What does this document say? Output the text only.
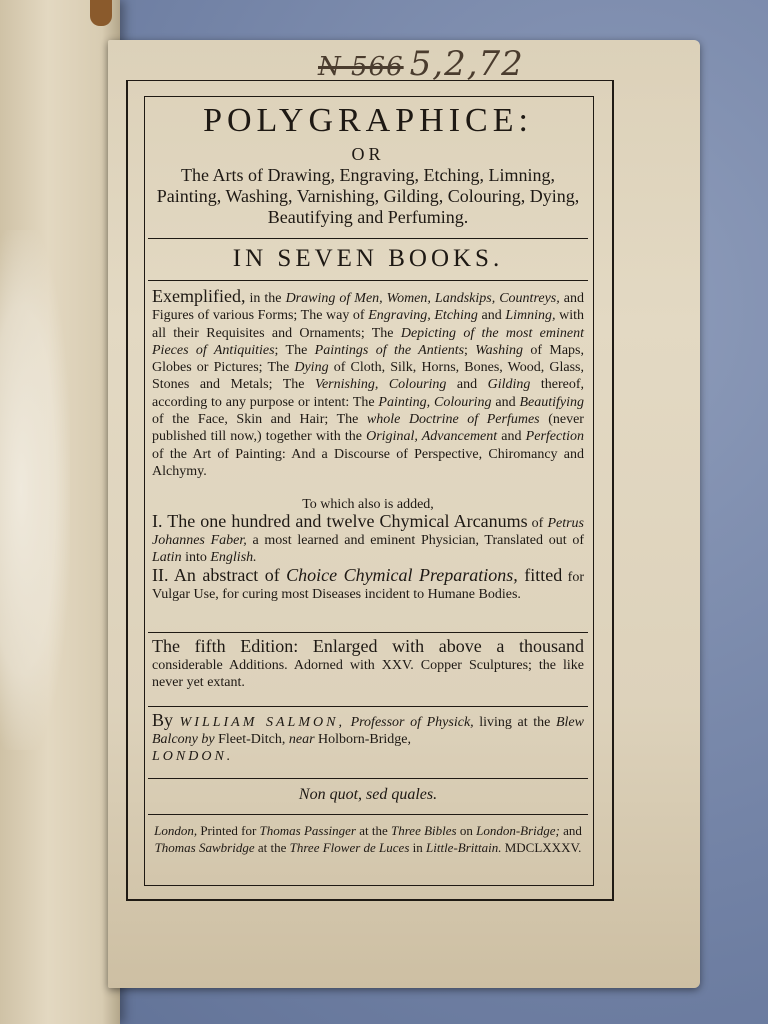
N 566 5,2,72
POLYGRAPHICE:
OR
The Arts of Drawing, Engraving, Etching, Limning, Painting, Washing, Varnishing, Gilding, Colouring, Dying, Beautifying and Perfuming.
IN SEVEN BOOKS.
Exemplified, in the Drawing of Men, Women, Landskips, Countreys, and Figures of various Forms; The way of Engraving, Etching and Limning, with all their Requisites and Ornaments; The Depicting of the most eminent Pieces of Antiquities; The Paintings of the Antients; Washing of Maps, Globes or Pictures; The Dying of Cloth, Silk, Horns, Bones, Wood, Glass, Stones and Metals; The Vernishing, Colouring and Gilding thereof, according to any purpose or intent: The Painting, Colouring and Beautifying of the Face, Skin and Hair; The whole Doctrine of Perfumes (never published till now,) together with the Original, Advancement and Perfection of the Art of Painting: And a Discourse of Perspective, Chiromancy and Alchymy.
To which also is added,
I. The one hundred and twelve Chymical Arcanums of Petrus Johannes Faber, a most learned and eminent Physician, Translated out of Latin into English.
II. An abstract of Choice Chymical Preparations, fitted for Vulgar Use, for curing most Diseases incident to Humane Bodies.
The fifth Edition: Enlarged with above a thousand considerable Additions. Adorned with XXV. Copper Sculptures; the like never yet extant.
By WILLIAM SALMON, Professor of Physick, living at the Blew Balcony by Fleet-Ditch, near Holborn-Bridge,
LONDON.
Non quot, sed quales.
London, Printed for Thomas Passinger at the Three Bibles on London-Bridge; and Thomas Sawbridge at the Three Flower de Luces in Little-Brittain. MDCLXXXV.
